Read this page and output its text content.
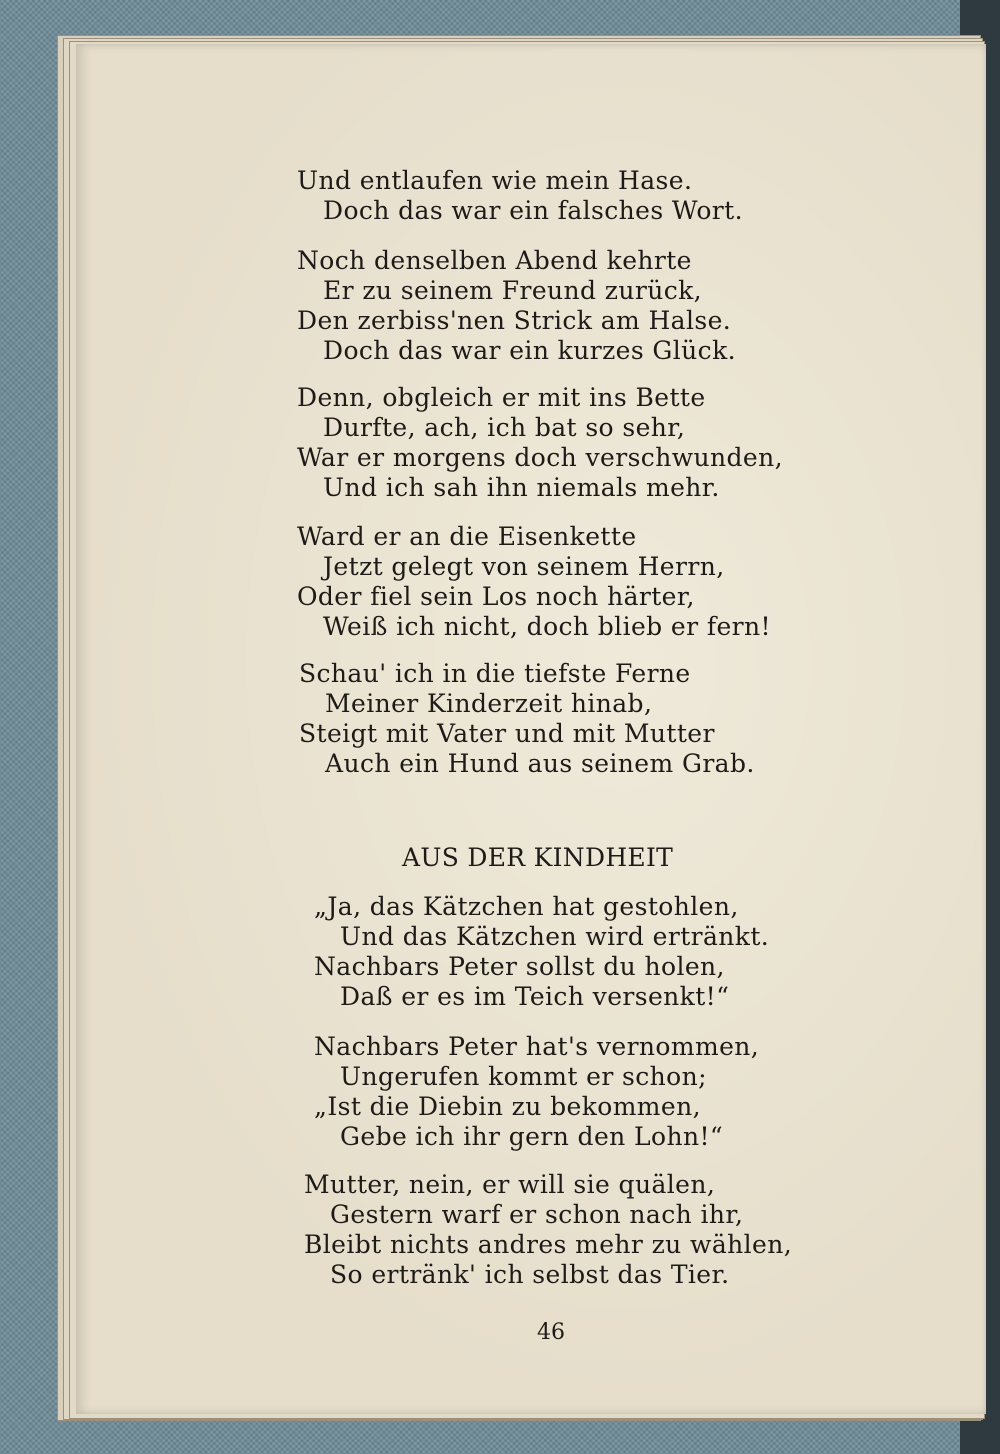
Und entlaufen wie mein Hase.
Doch das war ein falsches Wort.
Noch denselben Abend kehrte
Er zu seinem Freund zurück,
Den zerbiss'nen Strick am Halse.
Doch das war ein kurzes Glück.
Denn, obgleich er mit ins Bette
Durfte, ach, ich bat so sehr,
War er morgens doch verschwunden,
Und ich sah ihn niemals mehr.
Ward er an die Eisenkette
Jetzt gelegt von seinem Herrn,
Oder fiel sein Los noch härter,
Weiß ich nicht, doch blieb er fern!
Schau' ich in die tiefste Ferne
Meiner Kinderzeit hinab,
Steigt mit Vater und mit Mutter
Auch ein Hund aus seinem Grab.
AUS DER KINDHEIT
„Ja, das Kätzchen hat gestohlen,
Und das Kätzchen wird ertränkt.
Nachbars Peter sollst du holen,
Daß er es im Teich versenkt!“
Nachbars Peter hat's vernommen,
Ungerufen kommt er schon;
„Ist die Diebin zu bekommen,
Gebe ich ihr gern den Lohn!“
Mutter, nein, er will sie quälen,
Gestern warf er schon nach ihr,
Bleibt nichts andres mehr zu wählen,
So ertränk' ich selbst das Tier.
46
